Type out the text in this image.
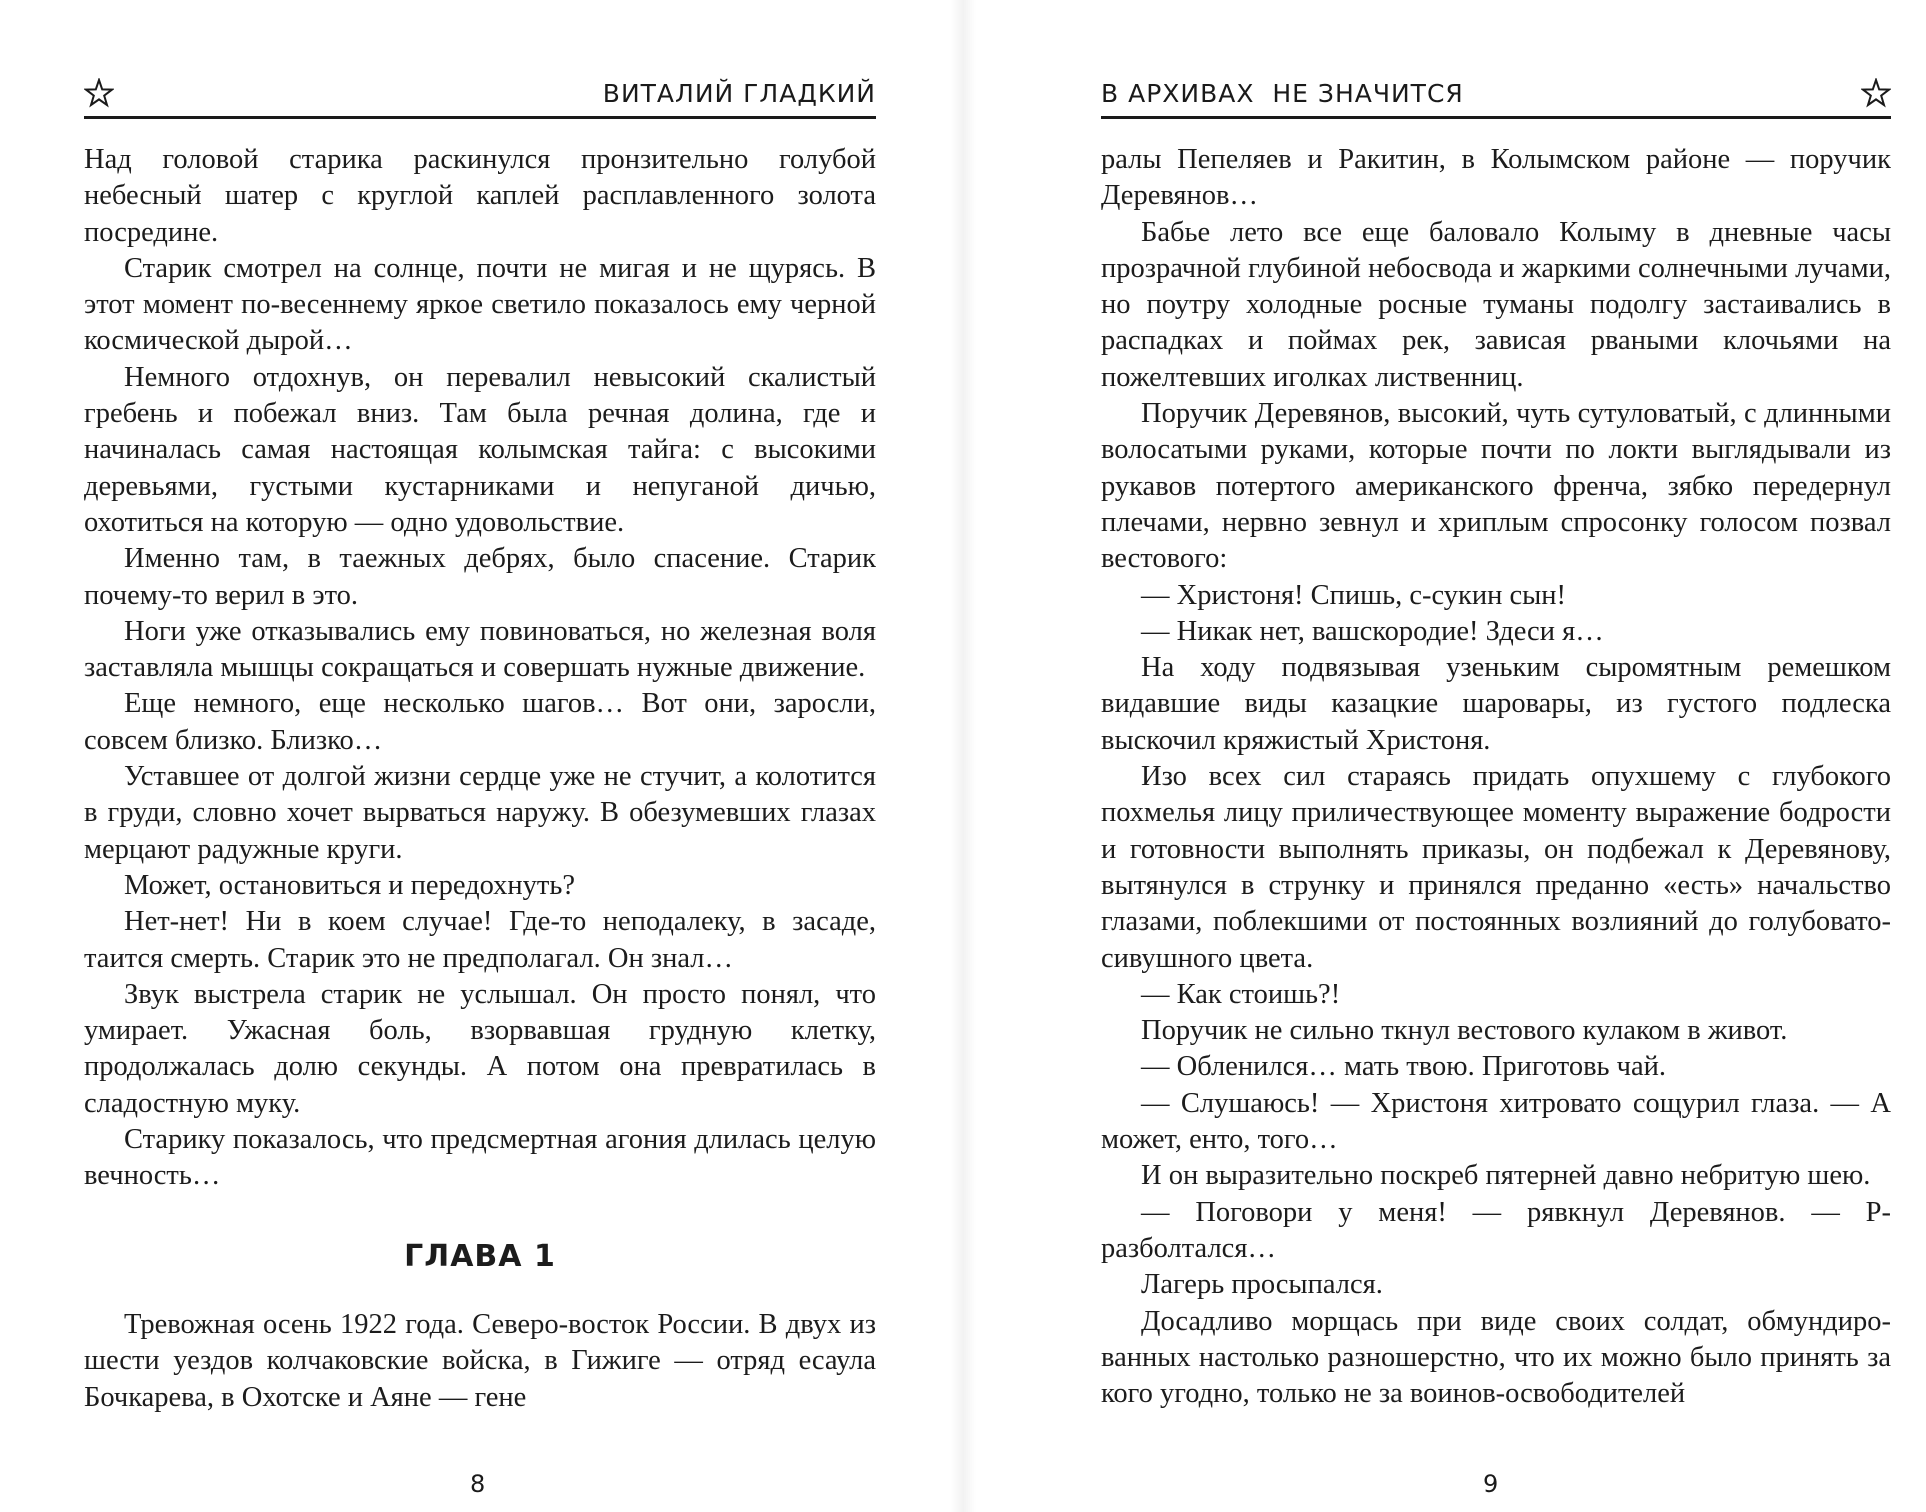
ВИТАЛИЙ ГЛАДКИЙ

Над головой старика раскинулся пронзительно голубой небесный шатер с круглой каплей расплавленного золота посредине.

Старик смотрел на солнце, почти не мигая и не щурясь. В этот момент по-весеннему яркое светило показалось ему черной космической дырой…

Немного отдохнув, он перевалил невысокий скалистый гребень и побежал вниз. Там была речная долина, где и начиналась самая настоящая колымская тайга: с высокими деревьями, густыми кустарниками и непуганой дичью, охотиться на которую — одно удовольствие.

Именно там, в таежных дебрях, было спасение. Старик почему-то верил в это.

Ноги уже отказывались ему повиноваться, но железная воля заставляла мышцы сокращаться и совершать нужные движение.

Еще немного, еще несколько шагов… Вот они, заросли, совсем близко. Близко…

Уставшее от долгой жизни сердце уже не стучит, а колотится в груди, словно хочет вырваться наружу. В обезумевших глазах мерцают радужные круги.

Может, остановиться и передохнуть?

Нет-нет! Ни в коем случае! Где-то неподалеку, в засаде, таится смерть. Старик это не предполагал. Он знал…

Звук выстрела старик не услышал. Он просто понял, что умирает. Ужасная боль, взорвавшая грудную клетку, продолжалась долю секунды. А потом она превратилась в сладостную муку.

Старику показалось, что предсмертная агония длилась целую вечность…

ГЛАВА 1

Тревожная осень 1922 года. Северо-восток России. В двух из шести уездов колчаковские войска, в Гижиге — отряд есаула Бочкарева, в Охотске и Аяне — гене

8
В АРХИВАХ  НЕ ЗНАЧИТСЯ

ралы Пепеляев и Ракитин, в Колымском районе — поручик Деревянов…

Бабье лето все еще баловало Колыму в дневные часы прозрачной глубиной небосвода и жаркими солнечными лучами, но поутру холодные росные туманы подолгу застаивались в распадках и поймах рек, зависая рваными клочьями на пожелтевших иголках лиственниц.

Поручик Деревянов, высокий, чуть сутуловатый, с длинными волосатыми руками, которые почти по локти выглядывали из рукавов потертого американского френча, зябко передернул плечами, нервно зевнул и хриплым спросонку голосом позвал вестового:

— Христоня! Спишь, с-сукин сын!

— Никак нет, вашскородие! Здеси я…

На ходу подвязывая узеньким сыромятным ремешком видавшие виды казацкие шаровары, из густого подлеска выскочил кряжистый Христоня.

Изо всех сил стараясь придать опухшему с глубокого похмелья лицу приличествующее моменту выражение бодрости и готовности выполнять приказы, он подбежал к Деревянову, вытянулся в струнку и принялся преданно «есть» начальство глазами, поблекшими от постоянных возлияний до голубовато-сивушного цвета.

— Как стоишь?!

Поручик не сильно ткнул вестового кулаком в живот.

— Обленился… мать твою. Приготовь чай.

— Слушаюсь! — Христоня хитровато сощурил глаза. — А может, енто, того…

И он выразительно поскреб пятерней давно небритую шею.

— Поговори у меня! — рявкнул Деревянов. — Р-разболтался…

Лагерь просыпался.

Досадливо морщась при виде своих солдат, обмундированных настолько разношерстно, что их можно было принять за кого угодно, только не за воинов-освободителей

9
